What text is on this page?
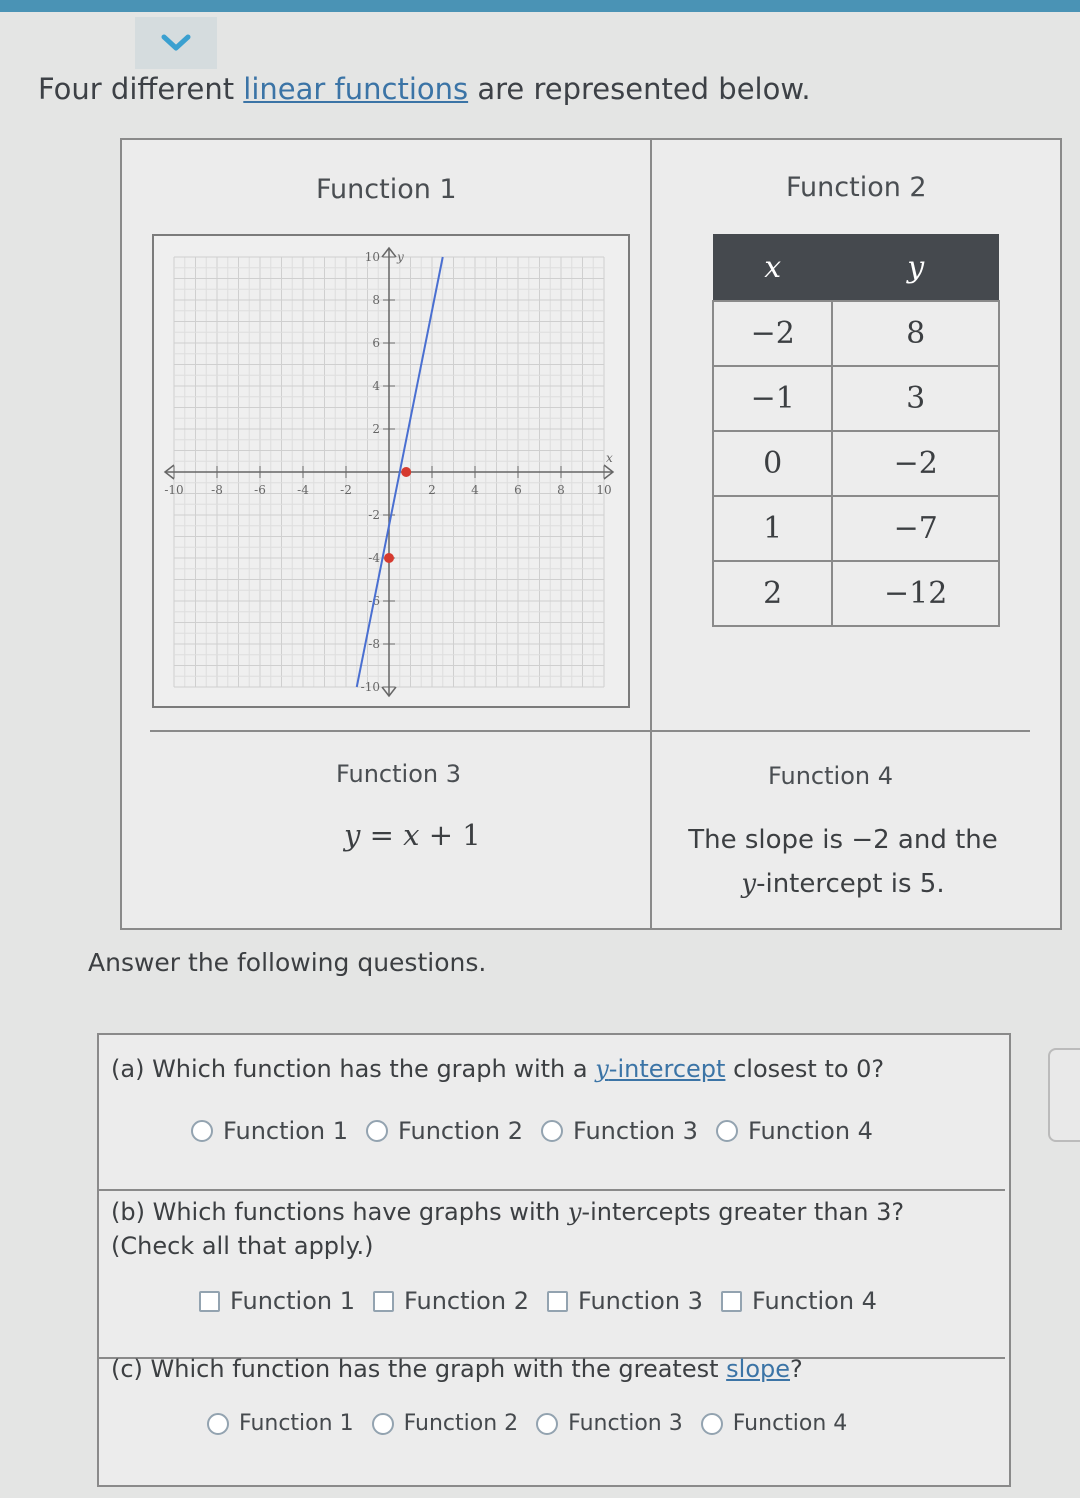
Four different linear functions are represented below.
Function 1
-10 -8	-6	-4	-2	2	4	6	8	10
10
8
6
4
2
-2
-4
-6
-8
-10
x
y
Function 2
x	y
−2	8
−1	3
0	−2
1	−7
2	−12
Function 3
y = x + 1
Function 4
The slope is −2 and the
y-intercept is 5.
Answer the following questions.
(a) Which function has the graph with a y-intercept closest to 0?
Function 1 Function 2 Function 3 Function 4
(b) Which functions have graphs with y-intercepts greater than 3?
(Check all that apply.)
Function 1 Function 2 Function 3 Function 4
(c) Which function has the graph with the greatest slope?
Function 1 Function 2 Function 3 Function 4
